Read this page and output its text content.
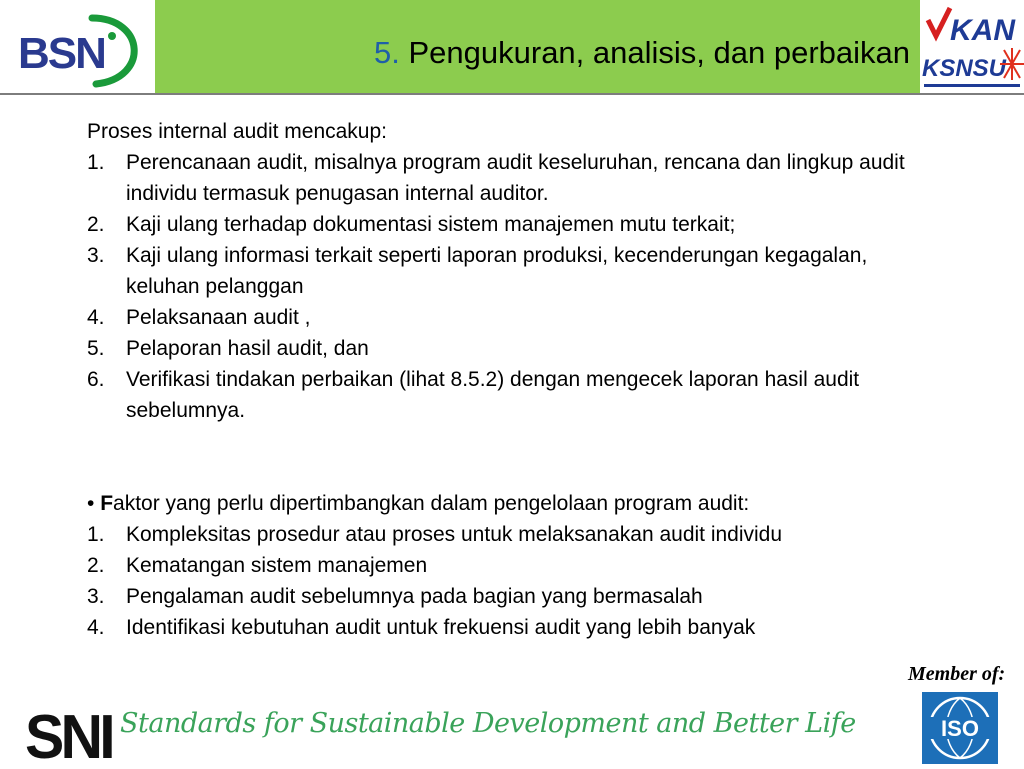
BSN	5. Pengukuran, analisis, dan perbaikan
KAN
KSNSU

Proses internal audit mencakup:

1. Perencanaan audit, misalnya program audit keseluruhan, rencana dan lingkup audit individu termasuk penugasan internal auditor.
2. Kaji ulang terhadap dokumentasi sistem manajemen mutu terkait;
3. Kaji ulang informasi terkait seperti laporan produksi, kecenderungan kegagalan, keluhan pelanggan
4. Pelaksanaan audit ,
5. Pelaporan hasil audit, dan
6. Verifikasi tindakan perbaikan (lihat 8.5.2) dengan mengecek laporan hasil audit sebelumnya.

• Faktor yang perlu dipertimbangkan dalam pengelolaan program audit:

1. Kompleksitas prosedur atau proses untuk melaksanakan audit individu
2. Kematangan sistem manajemen
3. Pengalaman audit sebelumnya pada bagian yang bermasalah
4. Identifikasi kebutuhan audit untuk frekuensi audit yang lebih banyak
SNI Standards for Sustainable Development and Better Life
Member of:
ISO
